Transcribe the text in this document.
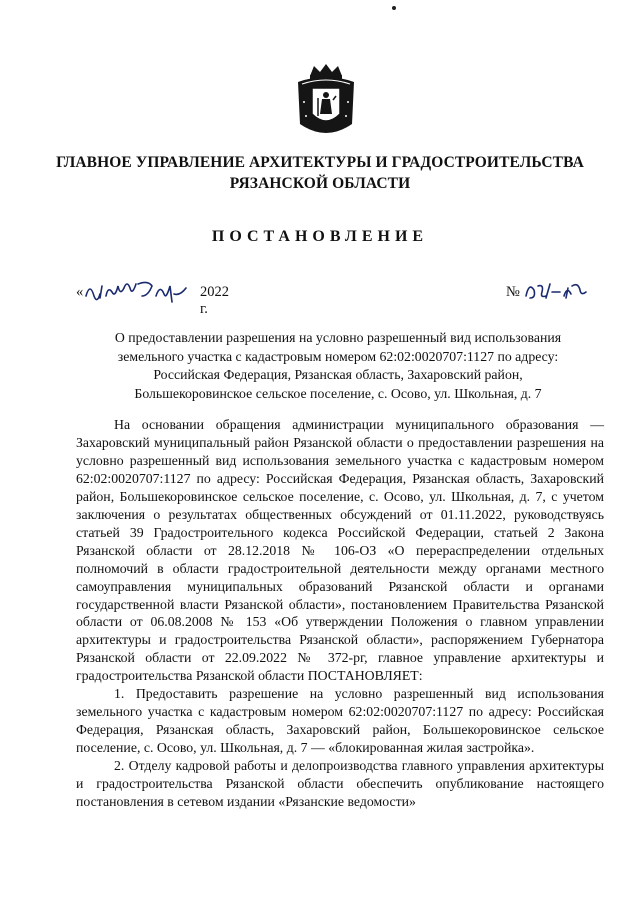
ГЛАВНОЕ УПРАВЛЕНИЕ АРХИТЕКТУРЫ И ГРАДОСТРОИТЕЛЬСТВА
РЯЗАНСКОЙ ОБЛАСТИ
ПОСТАНОВЛЕНИЕ
«	2022 г.
№
О предоставлении разрешения на условно разрешенный вид использования
земельного участка с кадастровым номером 62:02:0020707:1127 по адресу:
Российская Федерация, Рязанская область, Захаровский район,
Большекоровинское сельское поселение, с. Осово, ул. Школьная, д. 7

На основании обращения администрации муниципального образования — Захаровский муниципальный район Рязанской области о предоставлении разрешения на условно разрешенный вид использования земельного участка с кадастровым номером 62:02:0020707:1127 по адресу: Российская Федерация, Рязанская область, Захаровский район, Большекоровинское сельское поселение, с. Осово, ул. Школьная, д. 7, с учетом заключения о результатах общественных обсуждений от 01.11.2022, руководствуясь статьей 39 Градостроительного кодекса Российской Федерации, статьей 2 Закона Рязанской области от 28.12.2018 № 106-ОЗ «О перераспределении отдельных полномочий в области градостроительной деятельности между органами местного самоуправления муниципальных образований Рязанской области и органами государственной власти Рязанской области», постановлением Правительства Рязанской области от 06.08.2008 № 153 «Об утверждении Положения о главном управлении архитектуры и градостроительства Рязанской области», распоряжением Губернатора Рязанской области от 22.09.2022 № 372-рг, главное управление архитектуры и градостроительства Рязанской области ПОСТАНОВЛЯЕТ:

1. Предоставить разрешение на условно разрешенный вид использования земельного участка с кадастровым номером 62:02:0020707:1127 по адресу: Российская Федерация, Рязанская область, Захаровский район, Большекоровинское сельское поселение, с. Осово, ул. Школьная, д. 7 — «блокированная жилая застройка».

2. Отделу кадровой работы и делопроизводства главного управления архитектуры и градостроительства Рязанской области обеспечить опубликование настоящего постановления в сетевом издании «Рязанские ведомости»
